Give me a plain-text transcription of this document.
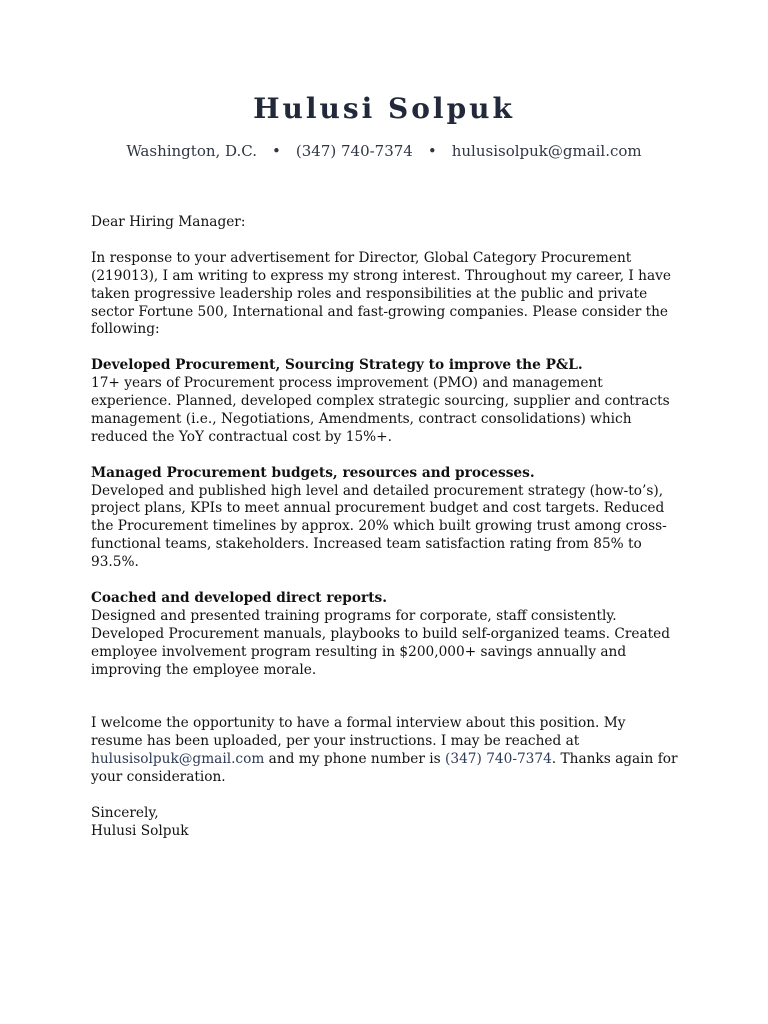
Hulusi Solpuk
Washington, D.C. • (347) 740-7374 • hulusisolpuk@gmail.com

Dear Hiring Manager:

In response to your advertisement for Director, Global Category Procurement (219013), I am writing to express my strong interest. Throughout my career, I have taken progressive leadership roles and responsibilities at the public and private sector Fortune 500, International and fast-growing companies. Please consider the following:

Developed Procurement, Sourcing Strategy to improve the P&L.

17+ years of Procurement process improvement (PMO) and management experience. Planned, developed complex strategic sourcing, supplier and contracts management (i.e., Negotiations, Amendments, contract consolidations) which reduced the YoY contractual cost by 15%+.

Managed Procurement budgets, resources and processes.

Developed and published high level and detailed procurement strategy (how-to’s), project plans, KPIs to meet annual procurement budget and cost targets. Reduced the Procurement timelines by approx. 20% which built growing trust among cross-functional teams, stakeholders. Increased team satisfaction rating from 85% to 93.5%.

Coached and developed direct reports.

Designed and presented training programs for corporate, staff consistently. Developed Procurement manuals, playbooks to build self-organized teams. Created employee involvement program resulting in $200,000+ savings annually and improving the employee morale.

I welcome the opportunity to have a formal interview about this position. My resume has been uploaded, per your instructions. I may be reached at hulusisolpuk@gmail.com and my phone number is (347) 740-7374. Thanks again for your consideration.

Sincerely,

Hulusi Solpuk
